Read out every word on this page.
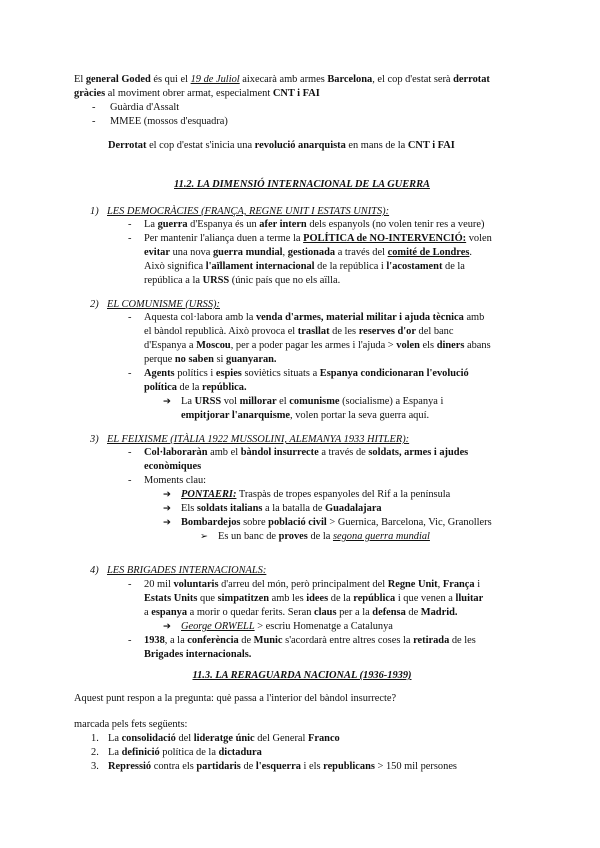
El general Goded és qui el 19 de Juliol aixecarà amb armes Barcelona, el cop d'estat serà derrotat

gràcies al moviment obrer armat, especialment CNT i FAI

- Guàrdia d'Assalt

- MMEE (mossos d'esquadra)

Derrotat el cop d'estat s'inicia una revolució anarquista en mans de la CNT i FAI

11.2. LA DIMENSIÓ INTERNACIONAL DE LA GUERRA

1) LES DEMOCRÀCIES (FRANÇA, REGNE UNIT I ESTATS UNITS):

- La guerra d'Espanya és un afer intern dels espanyols (no volen tenir res a veure)

- Per mantenir l'aliança duen a terme la POLÍTICA de NO-INTERVENCIÓ: volen

evitar una nova guerra mundial, gestionada a través del comité de Londres.

Això significa l'aïllament internacional de la república i l'acostament de la

república a la URSS (únic país que no els aïlla.

2) EL COMUNISME (URSS):

- Aquesta col·labora amb la venda d'armes, material militar i ajuda tècnica amb

el bàndol republicà. Això provoca el trasllat de les reserves d'or del banc

d'Espanya a Moscou, per a poder pagar les armes i l'ajuda > volen els diners abans

perque no saben si guanyaran.

- Agents polítics i espies soviètics situats a Espanya condicionaran l'evolució

política de la república.

➔ La URSS vol millorar el comunisme (socialisme) a Espanya i

empitjorar l'anarquisme, volen portar la seva guerra aquí.

3) EL FEIXISME (ITÀLIA 1922 MUSSOLINI, ALEMANYA 1933 HITLER):

- Col·laboraràn amb el bàndol insurrecte a través de soldats, armes i ajudes

econòmiques

- Moments clau:

➔ PONTAERI: Traspàs de tropes espanyoles del Rif a la península

➔ Els soldats italians a la batalla de Guadalajara

➔ Bombardejos sobre població civil > Guernica, Barcelona, Vic, Granollers

➢ Es un banc de proves de la segona guerra mundial

4) LES BRIGADES INTERNACIONALS:

- 20 mil voluntaris d'arreu del món, però principalment del Regne Unit, França i

Estats Units que simpatitzen amb les idees de la república i que venen a lluitar

a espanya a morir o quedar ferits. Seran claus per a la defensa de Madrid.

➔ George ORWELL > escriu Homenatge a Catalunya

- 1938, a la conferència de Munic s'acordarà entre altres coses la retirada de les

Brigades internacionals.

11.3. LA RERAGUARDA NACIONAL (1936-1939)

Aquest punt respon a la pregunta: què passa a l'interior del bàndol insurrecte?

marcada pels fets següents:

1. La consolidació del lideratge únic del General Franco

2. La definició política de la dictadura

3. Repressió contra els partidaris de l'esquerra i els republicans > 150 mil persones
